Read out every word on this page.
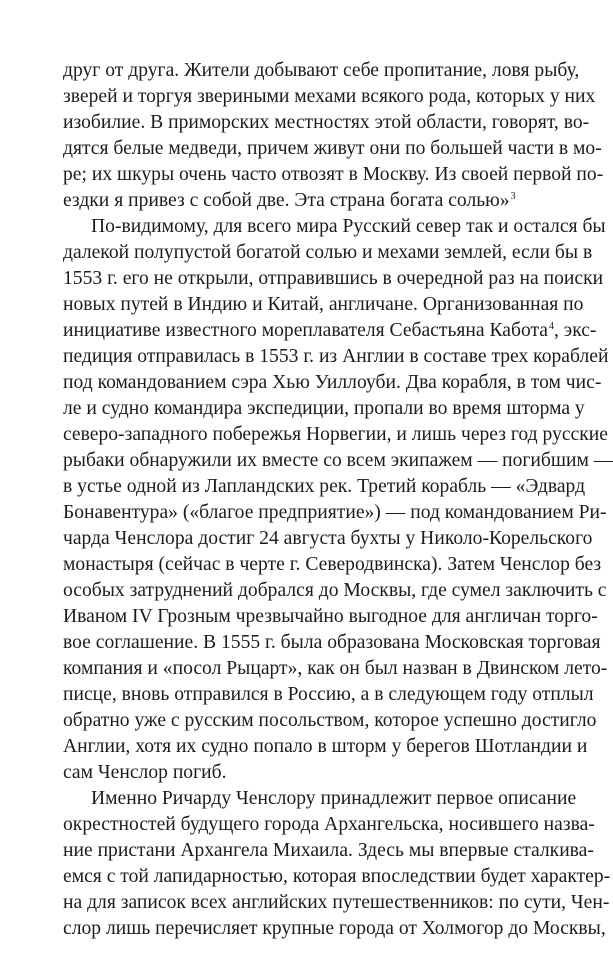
друг от друга. Жители добывают себе пропитание, ловя рыбу,
зверей и торгуя звериными мехами всякого рода, которых у них
изобилие. В приморских местностях этой области, говорят, во-
дятся белые медведи, причем живут они по большей части в мо-
ре; их шкуры очень часто отвозят в Москву. Из своей первой по-
ездки я привез с собой две. Эта страна богата солью»$^3$
По-видимому, для всего мира Русский север так и остался бы
далекой полупустой богатой солью и мехами землей, если бы в
1553 г. его не открыли, отправившись в очередной раз на поиски
новых путей в Индию и Китай, англичане. Организованная по
инициативе известного мореплавателя Себастьяна Кабота$^4$, экс-
педиция отправилась в 1553 г. из Англии в составе трех кораблей
под командованием сэра Хью Уиллоуби. Два корабля, в том чис-
ле и судно командира экспедиции, пропали во время шторма у
северо-западного побережья Норвегии, и лишь через год русские
рыбаки обнаружили их вместе со всем экипажем — погибшим —
в устье одной из Лапландских рек. Третий корабль — «Эдвард
Бонавентура» («благое предприятие») — под командованием Ри-
чарда Ченслора достиг 24 августа бухты у Николо-Корельского
монастыря (сейчас в черте г. Северодвинска). Затем Ченслор без
особых затруднений добрался до Москвы, где сумел заключить с
Иваном IV Грозным чрезвычайно выгодное для англичан торго-
вое соглашение. В 1555 г. была образована Московская торговая
компания и «посол Рыцарт», как он был назван в Двинском лето-
писце, вновь отправился в Россию, а в следующем году отплыл
обратно уже с русским посольством, которое успешно достигло
Англии, хотя их судно попало в шторм у берегов Шотландии и
сам Ченслор погиб.
Именно Ричарду Ченслору принадлежит первое описание
окрестностей будущего города Архангельска, носившего назва-
ние пристани Архангела Михаила. Здесь мы впервые сталкива-
емся с той лапидарностью, которая впоследствии будет характер-
на для записок всех английских путешественников: по сути, Чен-
слор лишь перечисляет крупные города от Холмогор до Москвы,
